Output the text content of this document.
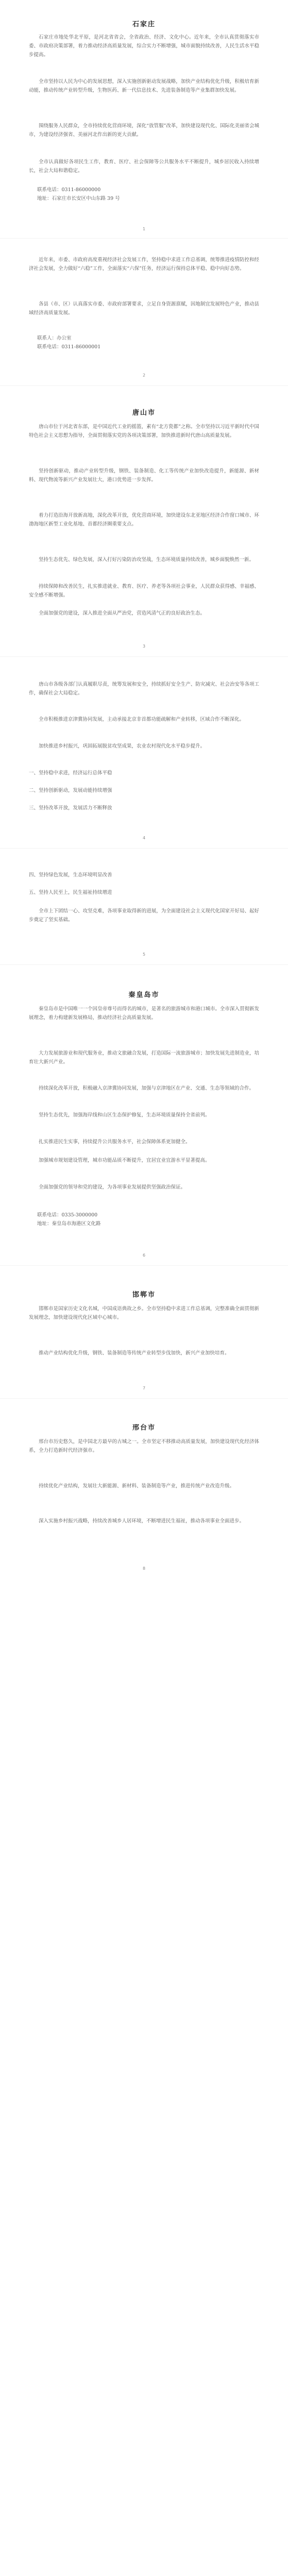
石家庄

石家庄市地处华北平原，是河北省省会，全省政治、经济、文化中心。近年来，全市认真贯彻落实市委、市政府决策部署，着力推动经济高质量发展，综合实力不断增强，城市面貌持续改善，人民生活水平稳步提高。

全市坚持以人民为中心的发展思想，深入实施创新驱动发展战略，加快产业结构优化升级，积极培育新动能，推动传统产业转型升级，生物医药、新一代信息技术、先进装备制造等产业集群加快发展。

围绕服务人民群众，全市持续优化营商环境，深化“放管服”改革，加快建设现代化、国际化美丽省会城市，为建设经济强省、美丽河北作出新的更大贡献。

全市认真做好各项民生工作，教育、医疗、社会保障等公共服务水平不断提升，城乡居民收入持续增长，社会大局和谐稳定。

联系电话：0311-86000000

地址：石家庄市长安区中山东路 39 号

1

近年来，市委、市政府高度重视经济社会发展工作，坚持稳中求进工作总基调，统筹推进疫情防控和经济社会发展，全力做好“六稳”工作，全面落实“六保”任务，经济运行保持总体平稳、稳中向好态势。

各县（市、区）认真落实市委、市政府部署要求，立足自身资源禀赋，因地制宜发展特色产业，推动县域经济高质量发展。

联系人：办公室

联系电话：0311-86000001

2
唐山市

唐山市位于河北省东部，是中国近代工业的摇篮，素有“北方瓷都”之称。全市坚持以习近平新时代中国特色社会主义思想为指导，全面贯彻落实党的各项决策部署，加快推进新时代唐山高质量发展。

坚持创新驱动，推动产业转型升级，钢铁、装备制造、化工等传统产业加快改造提升，新能源、新材料、现代物流等新兴产业发展壮大，港口优势进一步发挥。

着力打造沿海开放新高地，深化改革开放，优化营商环境，加快建设东北亚地区经济合作窗口城市、环渤海地区新型工业化基地、首都经济圈重要支点。

坚持生态优先、绿色发展，深入打好污染防治攻坚战，生态环境质量持续改善，城乡面貌焕然一新。

持续保障和改善民生，扎实推进就业、教育、医疗、养老等各项社会事业，人民群众获得感、幸福感、安全感不断增强。

全面加强党的建设，深入推进全面从严治党，营造风清气正的良好政治生态。

3

唐山市各级各部门认真履职尽责，统筹发展和安全，持续抓好安全生产、防灾减灾、社会治安等各项工作，确保社会大局稳定。

全市积极推进京津冀协同发展，主动承接北京非首都功能疏解和产业转移，区域合作不断深化。

加快推进乡村振兴，巩固拓展脱贫攻坚成果，农业农村现代化水平稳步提升。

一、坚持稳中求进，经济运行总体平稳

二、坚持创新驱动，发展动能持续增强

三、坚持改革开放，发展活力不断释放

4

四、坚持绿色发展，生态环境明显改善

五、坚持人民至上，民生福祉持续增进

全市上下团结一心、攻坚克难，各项事业取得新的进展，为全面建设社会主义现代化国家开好局、起好步奠定了坚实基础。

5
秦皇岛市

秦皇岛市是中国唯一一个因皇帝尊号而得名的城市，是著名的旅游城市和港口城市。全市深入贯彻新发展理念，着力构建新发展格局，推动经济社会高质量发展。

大力发展旅游业和现代服务业，推动文旅融合发展，打造国际一流旅游城市；加快发展先进制造业，培育壮大新兴产业。

持续深化改革开放，积极融入京津冀协同发展，加强与京津地区在产业、交通、生态等领域的合作。

坚持生态优先，加强海岸线和山区生态保护修复，生态环境质量保持全省前列。

扎实推进民生实事，持续提升公共服务水平，社会保障体系更加健全。

加强城市规划建设管理，城市功能品质不断提升，宜居宜业宜游水平显著提高。

全面加强党的领导和党的建设，为各项事业发展提供坚强政治保证。

联系电话：0335-3000000

地址：秦皇岛市海港区文化路

6
邯郸市

邯郸市是国家历史文化名城，中国成语典故之乡。全市坚持稳中求进工作总基调，完整准确全面贯彻新发展理念，加快建设现代化区域中心城市。

推动产业结构优化升级，钢铁、装备制造等传统产业转型步伐加快，新兴产业加快培育。

7
邢台市

邢台市历史悠久，是中国北方最早的古城之一。全市坚定不移推动高质量发展，加快建设现代化经济体系，全力打造新时代经济强市。

持续优化产业结构，发展壮大新能源、新材料、装备制造等产业，推进传统产业改造升级。

深入实施乡村振兴战略，持续改善城乡人居环境，不断增进民生福祉，推动各项事业全面进步。

8
